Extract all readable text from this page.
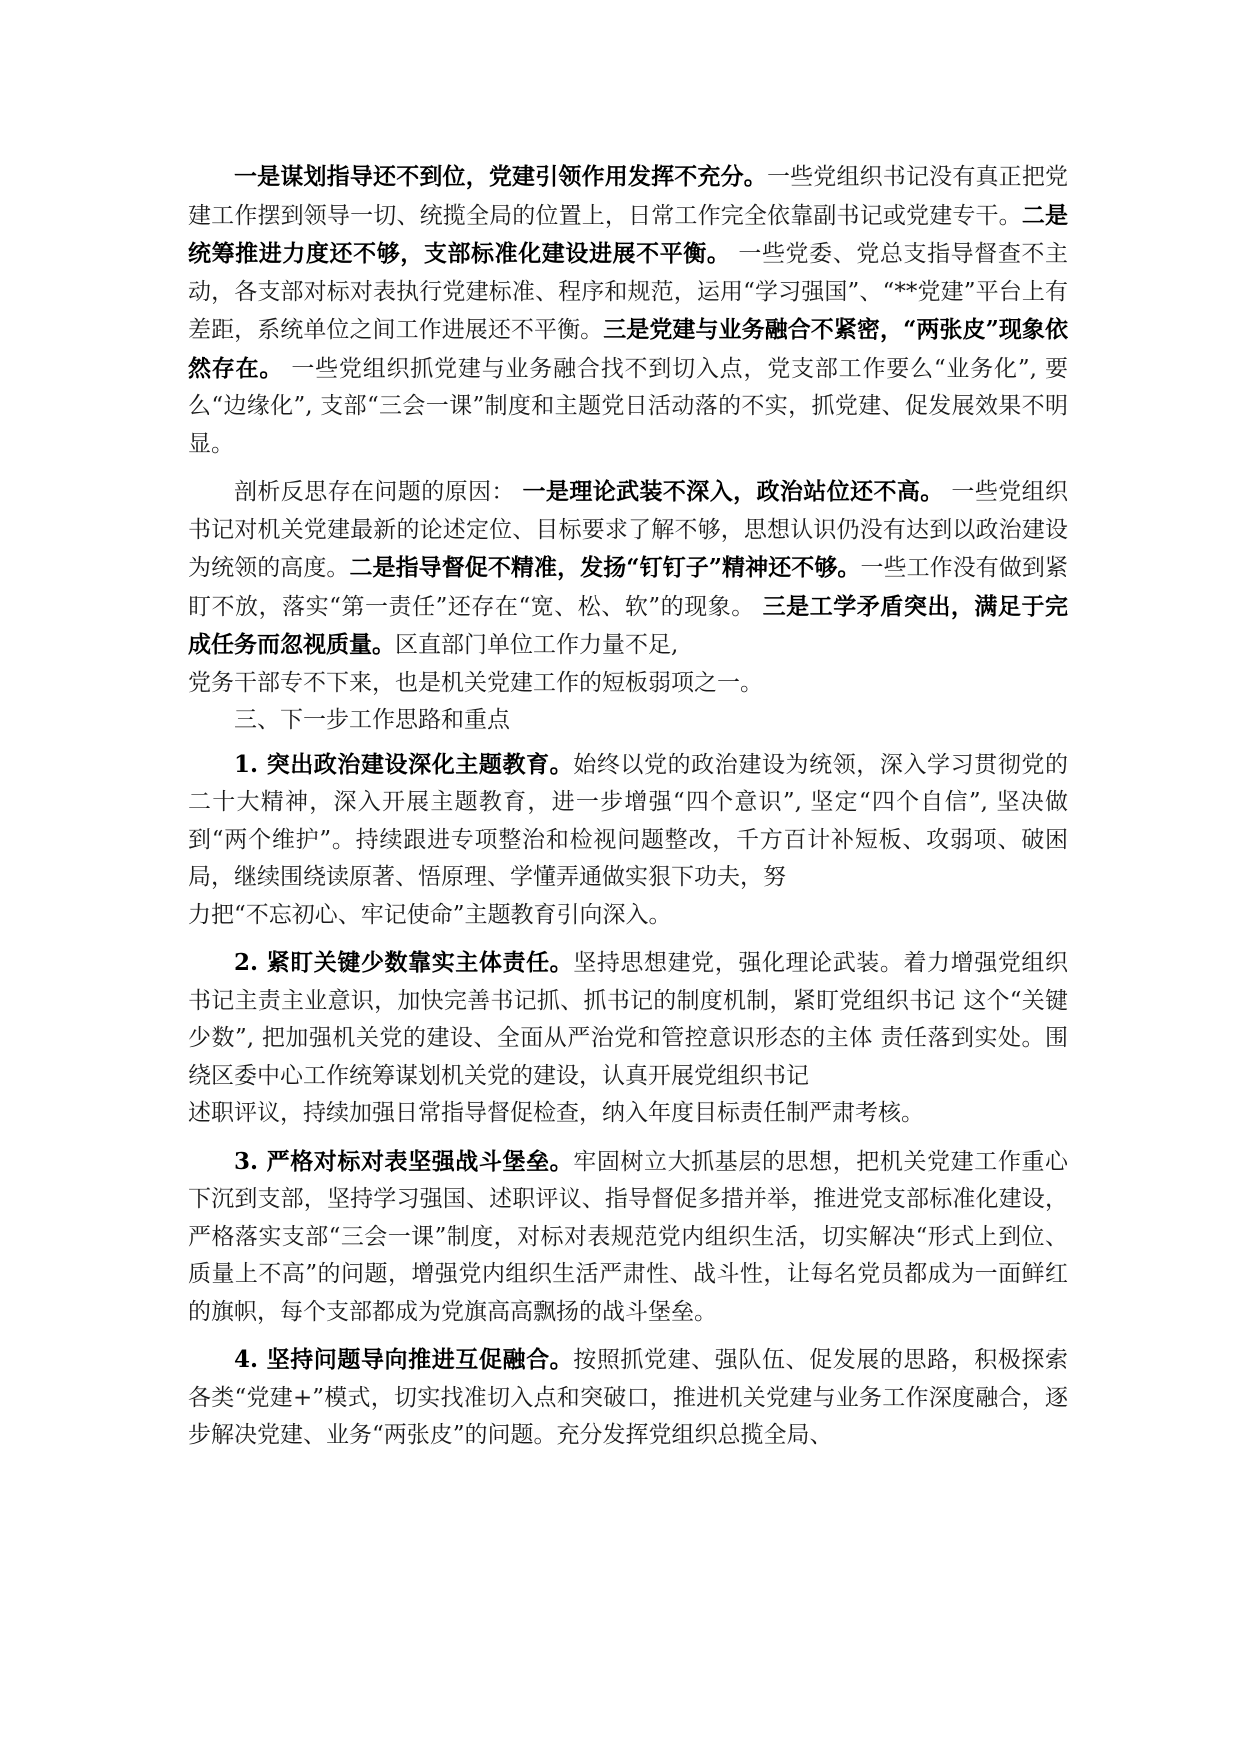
一是谋划指导还不到位，党建引领作用发挥不充分。一些党组织书记没有真正把党建工作摆到领导一切、统揽全局的位置上，日常工作完全依靠副书记或党建专干。二是统筹推进力度还不够，支部标准化建设进展不平衡。 一些党委、党总支指导督查不主动，各支部对标对表执行党建标准、程序和规范，运用“学习强国”、“**党建”平台上有差距，系统单位之间工作进展还不平衡。三是党建与业务融合不紧密，“两张皮”现象依然存在。 一些党组织抓党建与业务融合找不到切入点，党支部工作要么“业务化”, 要么“边缘化”, 支部“三会一课”制度和主题党日活动落的不实，抓党建、促发展效果不明显。

剖析反思存在问题的原因： 一是理论武装不深入，政治站位还不高。 一些党组织书记对机关党建最新的论述定位、目标要求了解不够，思想认识仍没有达到以政治建设为统领的高度。二是指导督促不精准，发扬“钉钉子”精神还不够。一些工作没有做到紧盯不放，落实“第一责任”还存在“宽、松、软”的现象。 三是工学矛盾突出，满足于完成任务而忽视质量。区直部门单位工作力量不足,

党务干部专不下来，也是机关党建工作的短板弱项之一。

三、下一步工作思路和重点

1. 突出政治建设深化主题教育。始终以党的政治建设为统领，深入学习贯彻党的二十大精神，深入开展主题教育，进一步增强“四个意识”, 坚定“四个自信”, 坚决做到“两个维护”。持续跟进专项整治和检视问题整改，千方百计补短板、攻弱项、破困局，继续围绕读原著、悟原理、学懂弄通做实狠下功夫，努

力把“不忘初心、牢记使命”主题教育引向深入。

2. 紧盯关键少数靠实主体责任。坚持思想建党，强化理论武装。着力增强党组织书记主责主业意识，加快完善书记抓、抓书记的制度机制，紧盯党组织书记 这个“关键少数”, 把加强机关党的建设、全面从严治党和管控意识形态的主体 责任落到实处。围绕区委中心工作统筹谋划机关党的建设，认真开展党组织书记

述职评议，持续加强日常指导督促检查，纳入年度目标责任制严肃考核。

3. 严格对标对表坚强战斗堡垒。牢固树立大抓基层的思想，把机关党建工作重心下沉到支部，坚持学习强国、述职评议、指导督促多措并举，推进党支部标准化建设，严格落实支部“三会一课”制度，对标对表规范党内组织生活，切实解决“形式上到位、质量上不高”的问题，增强党内组织生活严肃性、战斗性，让每名党员都成为一面鲜红的旗帜，每个支部都成为党旗高高飘扬的战斗堡垒。

4. 坚持问题导向推进互促融合。按照抓党建、强队伍、促发展的思路，积极探索各类“党建+”模式，切实找准切入点和突破口，推进机关党建与业务工作深度融合，逐步解决党建、业务“两张皮”的问题。充分发挥党组织总揽全局、
